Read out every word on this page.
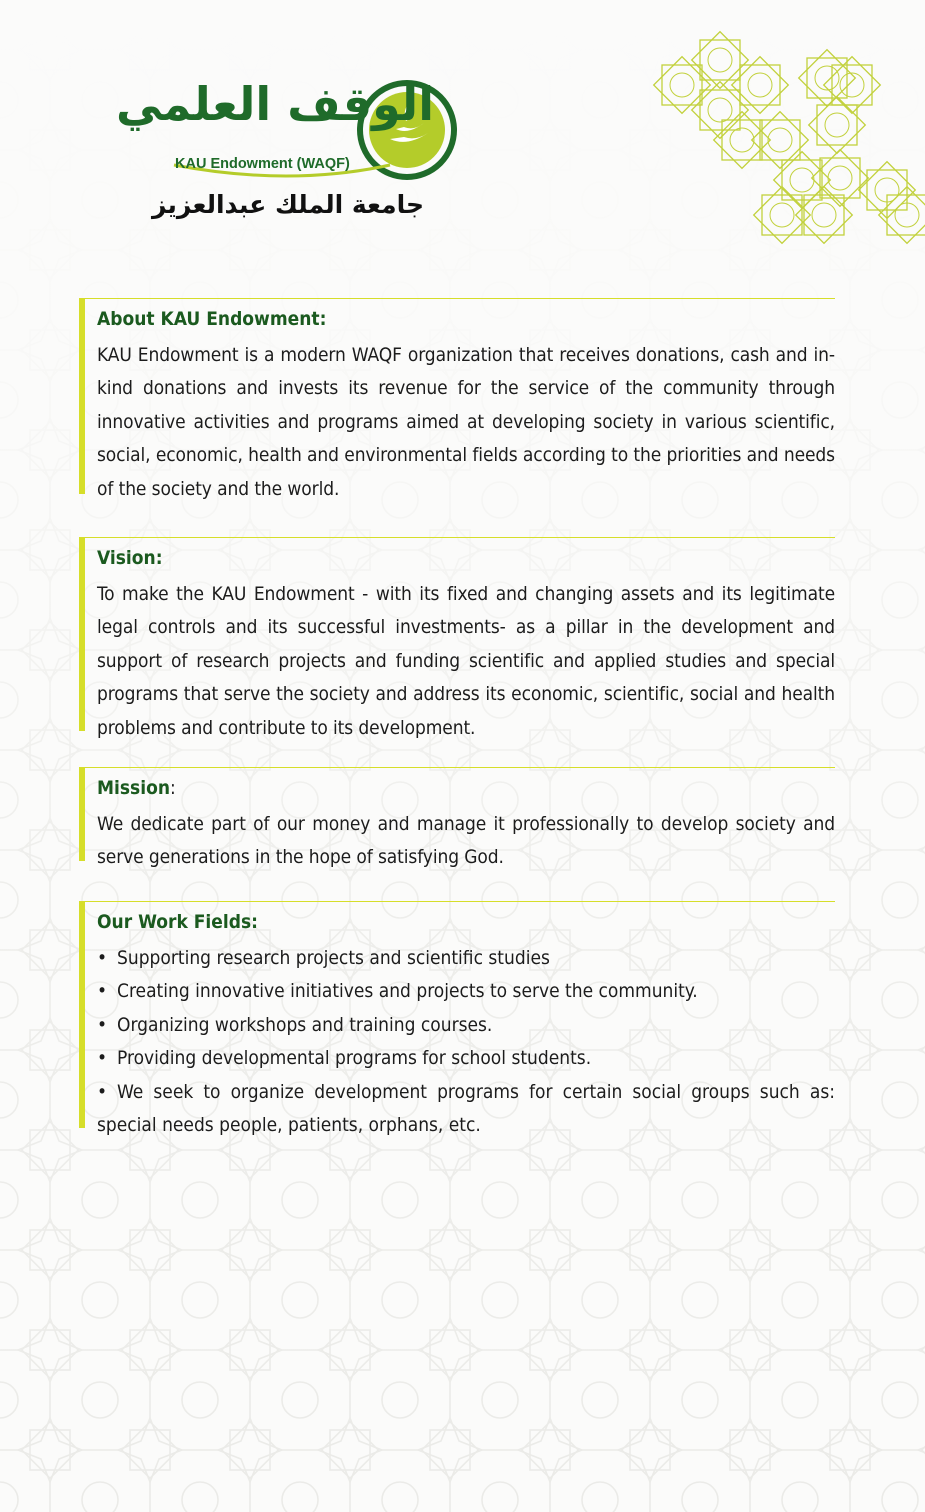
الوقف العلمي
KAU Endowment (WAQF)
جامعة الملك عبدالعزيز
About KAU Endowment:
KAU Endowment is a modern WAQF organization that receives donations, cash and in-kind donations and invests its revenue for the service of the community through innovative activities and programs aimed at developing society in various scientific, social, economic, health and environmental fields according to the priorities and needs of the society and the world.
Vision:
To make the KAU Endowment - with its fixed and changing assets and its legitimate legal controls and its successful investments- as a pillar in the development and support of research projects and funding scientific and applied studies and special programs that serve the society and address its economic, scientific, social and health problems and contribute to its development.
Mission:
We dedicate part of our money and manage it professionally to develop society and serve generations in the hope of satisfying God.
Our Work Fields:
• Supporting research projects and scientific studies
• Creating innovative initiatives and projects to serve the community.
• Organizing workshops and training courses.
• Providing developmental programs for school students.
• We seek to organize development programs for certain social groups such as: special needs people, patients, orphans, etc.
